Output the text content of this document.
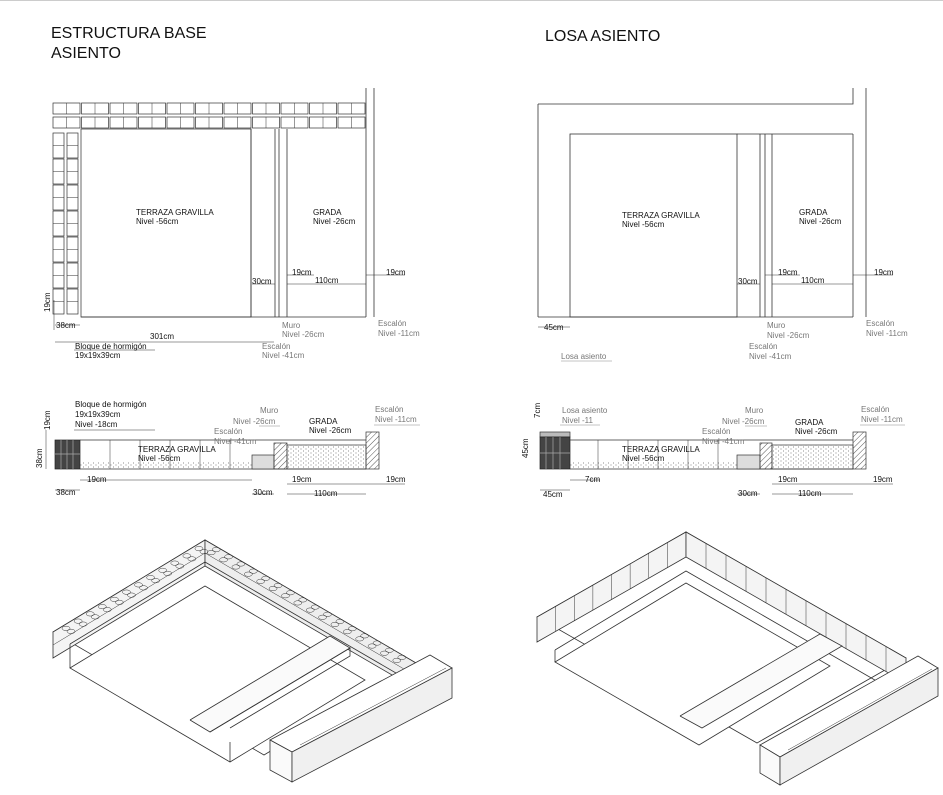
ESTRUCTURA BASE
ASIENTO
LOSA ASIENTO
TERRAZA GRAVILLA
Nivel -56cm
GRADA
Nivel -26cm
30cm
19cm
110cm
19cm
19cm
38cm
301cm
Bloque de hormigón
19x19x39cm
Muro
Nivel -26cm
Escalón
Nivel -41cm
Escalón
Nivel -11cm
TERRAZA GRAVILLA
Nivel -56cm
GRADA
Nivel -26cm
30cm
19cm
110cm
19cm
45cm
Losa asiento
Muro
Nivel -26cm
Escalón
Nivel -41cm
Escalón
Nivel -11cm
Bloque de hormigón
19x19x39cm
Nivel -18cm
Muro
Nivel -26cm	GRADA
Nivel -26cm
Escalón
Nivel -11cm
Escalón
Nivel -41cm
TERRAZA GRAVILLA
Nivel -56cm
19cm
38cm
38cm
19cm
30cm
19cm
110cm
19cm
Losa asiento
Nivel -11
Muro
Nivel -26cm
Escalón
Nivel -41cm
GRADA
Nivel -26cm
Escalón
Nivel -11cm
TERRAZA GRAVILLA
Nivel -56cm
7cm
45cm
45cm
7cm
30cm
19cm
110cm
19cm
